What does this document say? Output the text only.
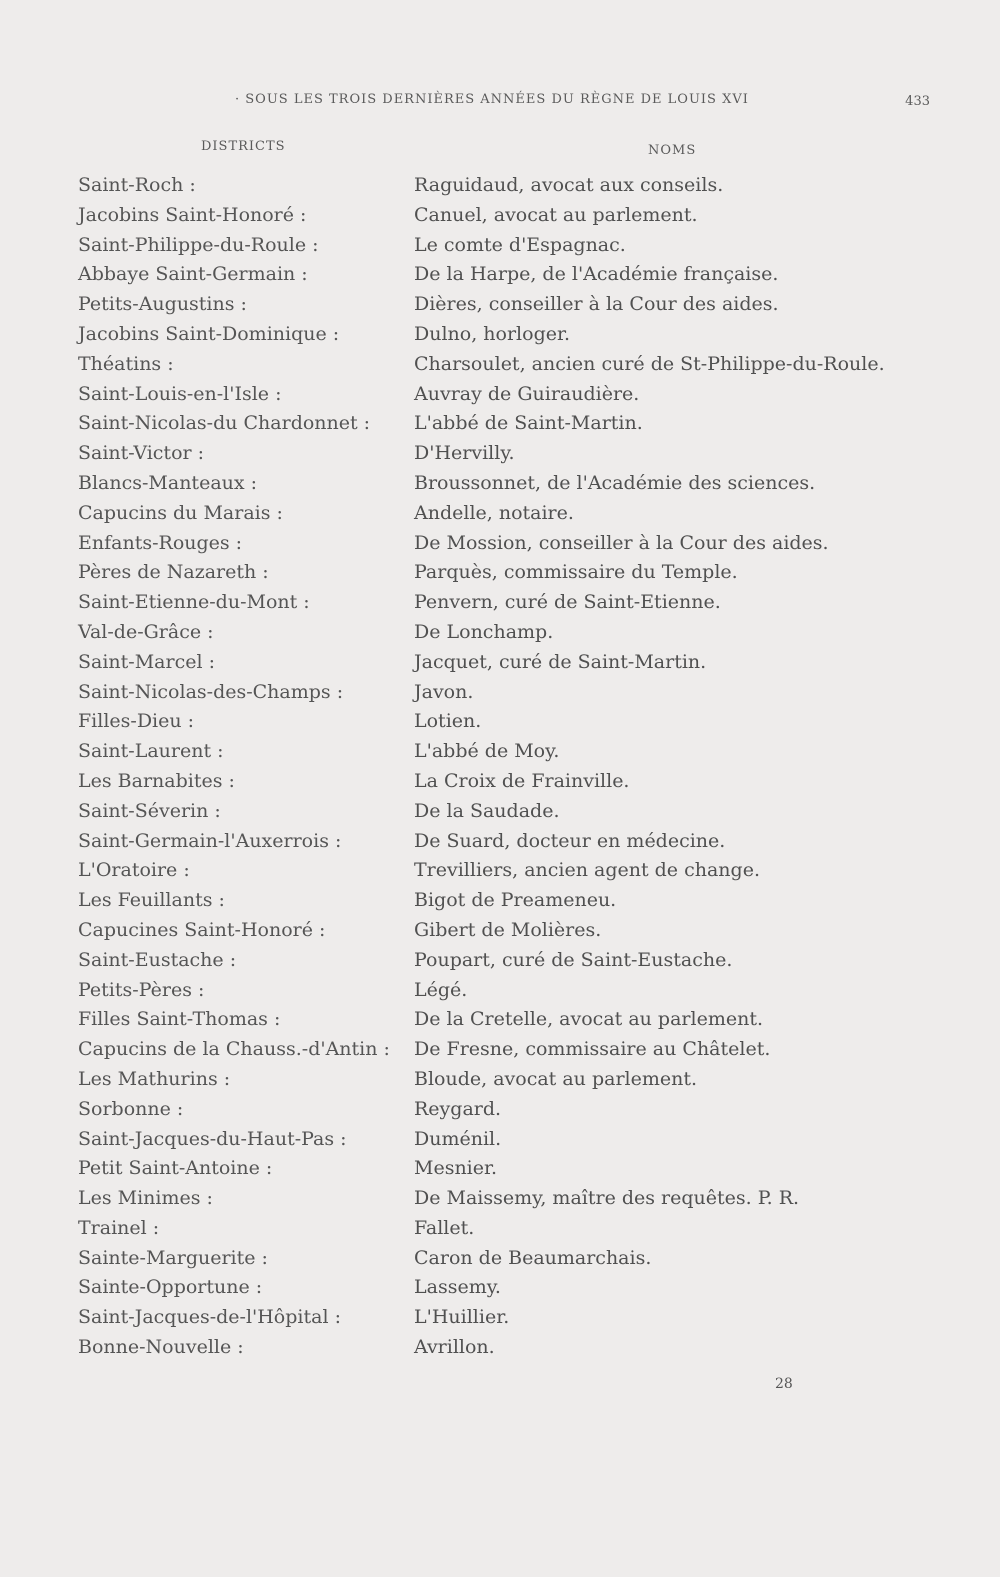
· SOUS LES TROIS DERNIÈRES ANNÉES DU RÈGNE DE LOUIS XVI	433
DISTRICTS	NOMS
Saint-Roch :	Raguidaud, avocat aux conseils.
Jacobins Saint-Honoré :	Canuel, avocat au parlement.
Saint-Philippe-du-Roule :	Le comte d'Espagnac.
Abbaye Saint-Germain :	De la Harpe, de l'Académie française.
Petits-Augustins :	Dières, conseiller à la Cour des aides.
Jacobins Saint-Dominique :	Dulno, horloger.
Théatins :	Charsoulet, ancien curé de St-Philippe-du-Roule.
Saint-Louis-en-l'Isle :	Auvray de Guiraudière.
Saint-Nicolas-du Chardonnet : L'abbé de Saint-Martin.
Saint-Victor :	D'Hervilly.
Blancs-Manteaux :	Broussonnet, de l'Académie des sciences.
Capucins du Marais :	Andelle, notaire.
Enfants-Rouges :	De Mossion, conseiller à la Cour des aides.
Pères de Nazareth :	Parquès, commissaire du Temple.
Saint-Etienne-du-Mont :	Penvern, curé de Saint-Etienne.
Val-de-Grâce :	De Lonchamp.
Saint-Marcel :	Jacquet, curé de Saint-Martin.
Saint-Nicolas-des-Champs :	Javon.
Filles-Dieu :	Lotien.
Saint-Laurent :	L'abbé de Moy.
Les Barnabites :	La Croix de Frainville.
Saint-Séverin :	De la Saudade.
Saint-Germain-l'Auxerrois :	De Suard, docteur en médecine.
L'Oratoire :	Trevilliers, ancien agent de change.
Les Feuillants :	Bigot de Preameneu.
Capucines Saint-Honoré :	Gibert de Molières.
Saint-Eustache :	Poupart, curé de Saint-Eustache.
Petits-Pères :	Légé.
Filles Saint-Thomas :	De la Cretelle, avocat au parlement.
Capucins de la Chauss.-d'Antin : De Fresne, commissaire au Châtelet.
Les Mathurins :	Bloude, avocat au parlement.
Sorbonne :	Reygard.
Saint-Jacques-du-Haut-Pas :	Duménil.
Petit Saint-Antoine :	Mesnier.
Les Minimes :	De Maissemy, maître des requêtes. P. R.
Trainel :	Fallet.
Sainte-Marguerite :	Caron de Beaumarchais.
Sainte-Opportune :	Lassemy.
Saint-Jacques-de-l'Hôpital :	L'Huillier.
Bonne-Nouvelle :	Avrillon.
28
